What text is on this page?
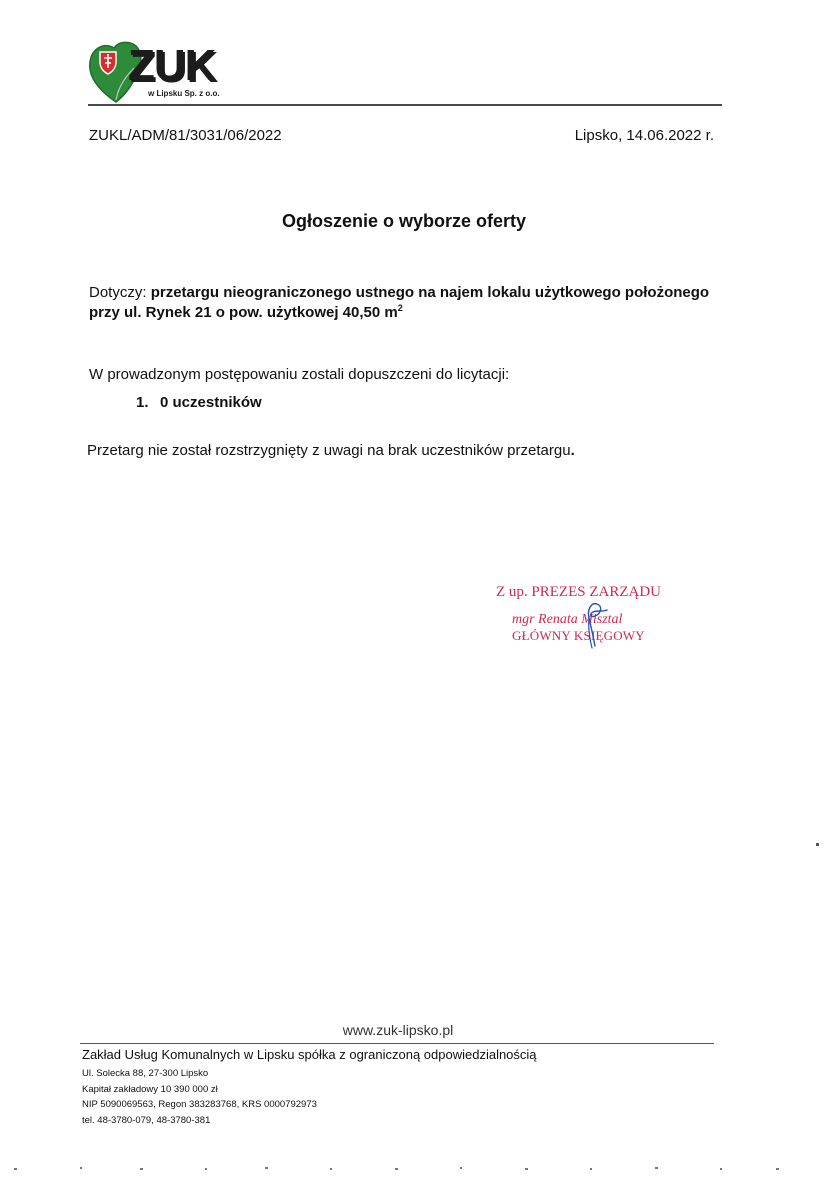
ZUK
w Lipsku Sp. z o.o.
ZUKL/ADM/81/3031/06/2022	Lipsko, 14.06.2022 r.
Ogłoszenie o wyborze oferty
Dotyczy: przetargu nieograniczonego ustnego na najem lokalu użytkowego położonego
przy ul. Rynek 21 o pow. użytkowej 40,50 $m^2$
W prowadzonym postępowaniu zostali dopuszczeni do licytacji:
1. 0 uczestników
Przetarg nie został rozstrzygnięty z uwagi na brak uczestników przetargu.
Z up. PREZES ZARZĄDU
mgr Renata Misztal
GŁÓWNY KSIĘGOWY
www.zuk-lipsko.pl
Zakład Usług Komunalnych w Lipsku spółka z ograniczoną odpowiedzialnością
Ul. Solecka 88, 27-300 Lipsko
Kapitał zakładowy 10 390 000 zł
NIP 5090069563, Regon 383283768, KRS 0000792973
tel. 48-3780-079, 48-3780-381
